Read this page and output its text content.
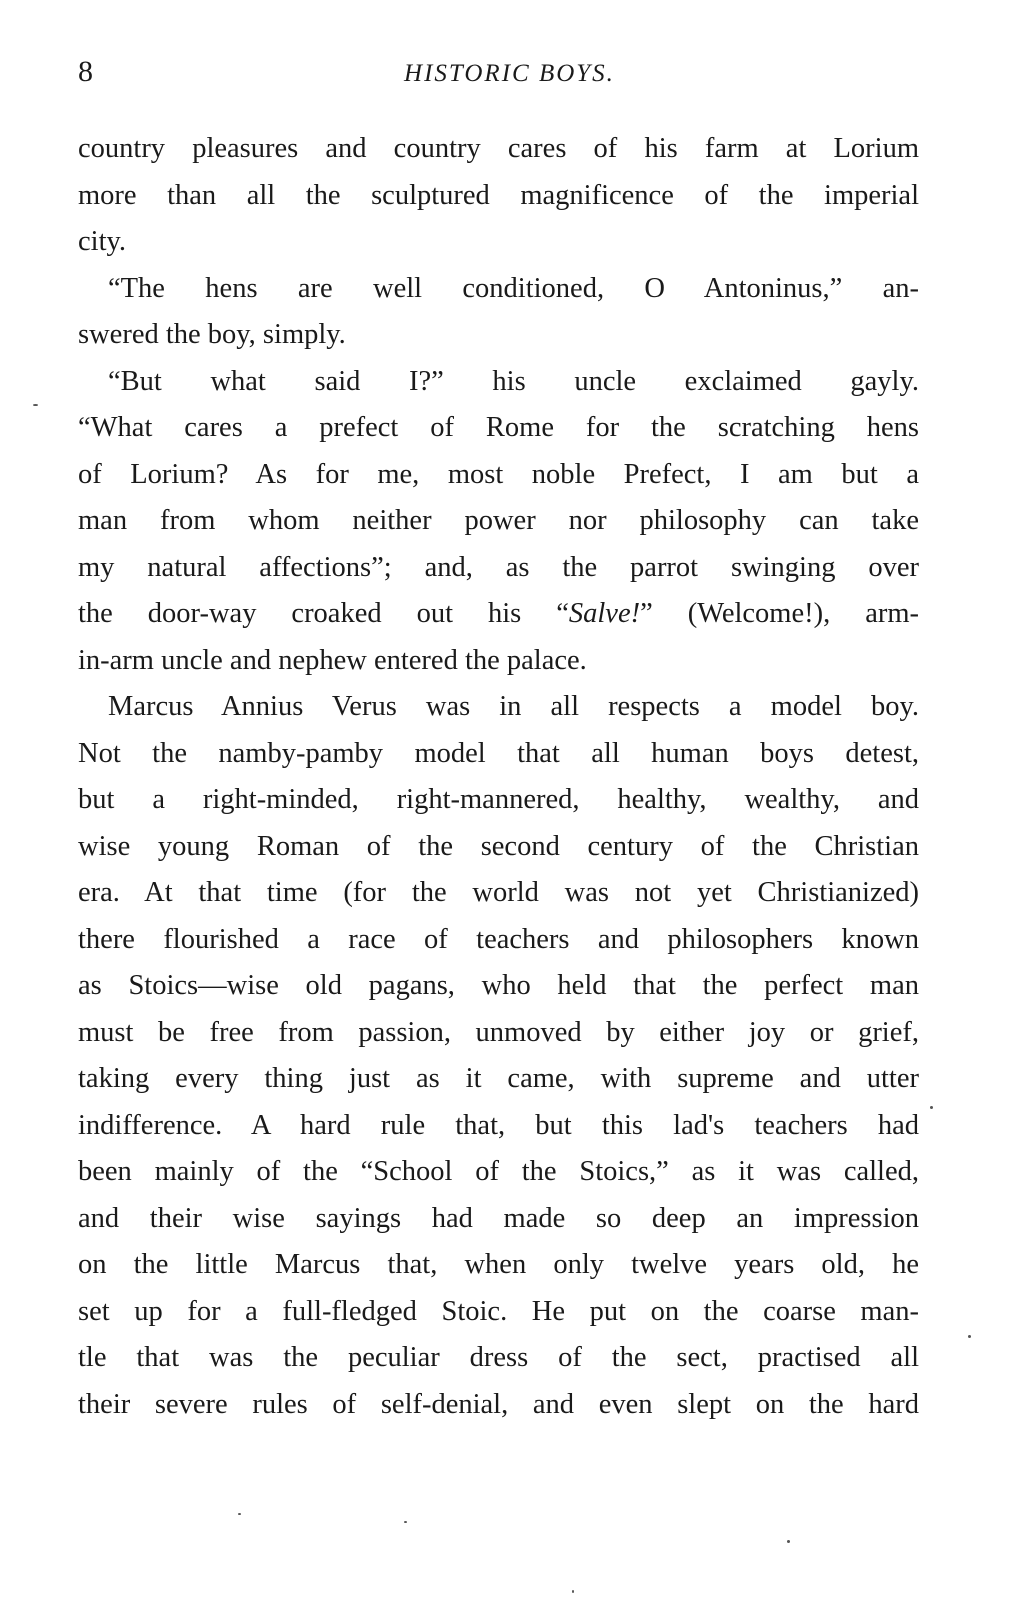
8	HISTORIC BOYS.
country pleasures and country cares of his farm at Lorium
more than all the sculptured magnificence of the imperial
city.
“The hens are well conditioned, O Antoninus,” an-
swered the boy, simply.
“But what said I?” his uncle exclaimed gayly.
“What cares a prefect of Rome for the scratching hens
of Lorium? As for me, most noble Prefect, I am but a
man from whom neither power nor philosophy can take
my natural affections”; and, as the parrot swinging over
the door-way croaked out his “Salve!” (Welcome!), arm-
in-arm uncle and nephew entered the palace.
Marcus Annius Verus was in all respects a model boy.
Not the namby-pamby model that all human boys detest,
but a right-minded, right-mannered, healthy, wealthy, and
wise young Roman of the second century of the Christian
era. At that time (for the world was not yet Christianized)
there flourished a race of teachers and philosophers known
as Stoics—wise old pagans, who held that the perfect man
must be free from passion, unmoved by either joy or grief,
taking every thing just as it came, with supreme and utter
indifference. A hard rule that, but this lad's teachers had
been mainly of the “School of the Stoics,” as it was called,
and their wise sayings had made so deep an impression
on the little Marcus that, when only twelve years old, he
set up for a full-fledged Stoic. He put on the coarse man-
tle that was the peculiar dress of the sect, practised all
their severe rules of self-denial, and even slept on the hard
